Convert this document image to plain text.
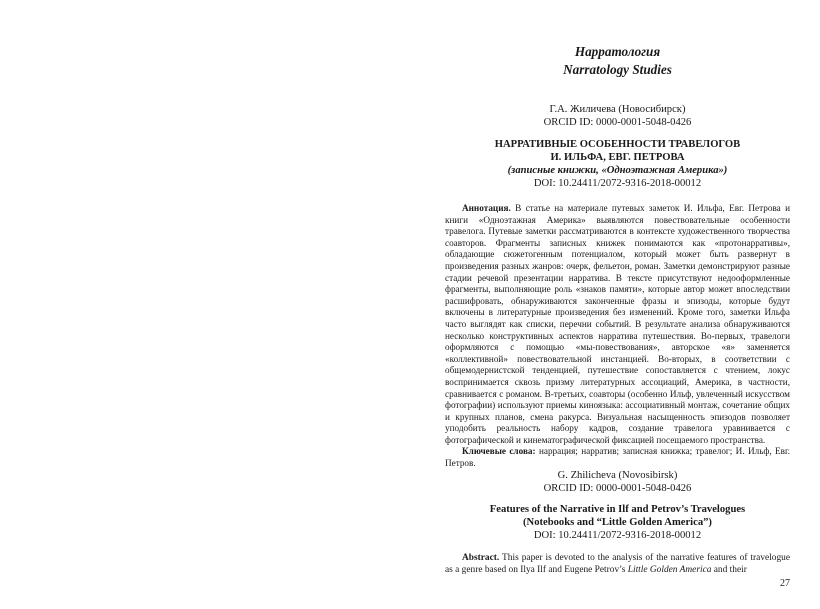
Нарратология
Narratology Studies
Г.А. Жиличева (Новосибирск)
ORCID ID: 0000-0001-5048-0426
НАРРАТИВНЫЕ ОСОБЕННОСТИ ТРАВЕЛОГОВ
И. ИЛЬФА, ЕВГ. ПЕТРОВА
(записные книжки, «Одноэтажная Америка»)
DOI: 10.24411/2072-9316-2018-00012

Аннотация. В статье на материале путевых заметок И. Ильфа, Евг. Петрова и книги «Одноэтажная Америка» выявляются повествовательные особенности травелога. Путевые заметки рассматриваются в контексте художественного творчества соавторов. Фрагменты записных книжек понимаются как «протонарративы», обладающие сюжетогенным потенциалом, который может быть развернут в произведения разных жанров: очерк, фельетон, роман. Заметки демонстрируют разные стадии речевой презентации нарратива. В тексте присутствуют недооформленные фрагменты, выполняющие роль «знаков памяти», которые автор может впоследствии расшифровать, обнаруживаются законченные фразы и эпизоды, которые будут включены в литературные произведения без изменений. Кроме того, заметки Ильфа часто выглядят как списки, перечни событий. В результате анализа обнаруживаются несколько конструктивных аспектов нарратива путешествия. Во-первых, травелоги оформляются с помощью «мы-повествования», авторское «я» заменяется «коллективной» повествовательной инстанцией. Во-вторых, в соответствии с общемодернистской тенденцией, путешествие сопоставляется с чтением, локус воспринимается сквозь призму литературных ассоциаций, Америка, в частности, сравнивается с романом. В-третьих, соавторы (особенно Ильф, увлеченный искусством фотографии) используют приемы киноязыка: ассоциативный монтаж, сочетание общих и крупных планов, смена ракурса. Визуальная насыщенность эпизодов позволяет уподобить реальность набору кадров, создание травелога уравнивается с фотографической и кинематографической фиксацией посещаемого пространства.

Ключевые слова: наррация; нарратив; записная книжка; травелог; И. Ильф, Евг. Петров.

G. Zhilicheva (Novosibirsk)
ORCID ID: 0000-0001-5048-0426
Features of the Narrative in Ilf and Petrov’s Travelogues
(Notebooks and “Little Golden America”)
DOI: 10.24411/2072-9316-2018-00012

Abstract. This paper is devoted to the analysis of the narrative features of travelogue as a genre based on Ilya Ilf and Eugene Petrov’s Little Golden America and their

27
